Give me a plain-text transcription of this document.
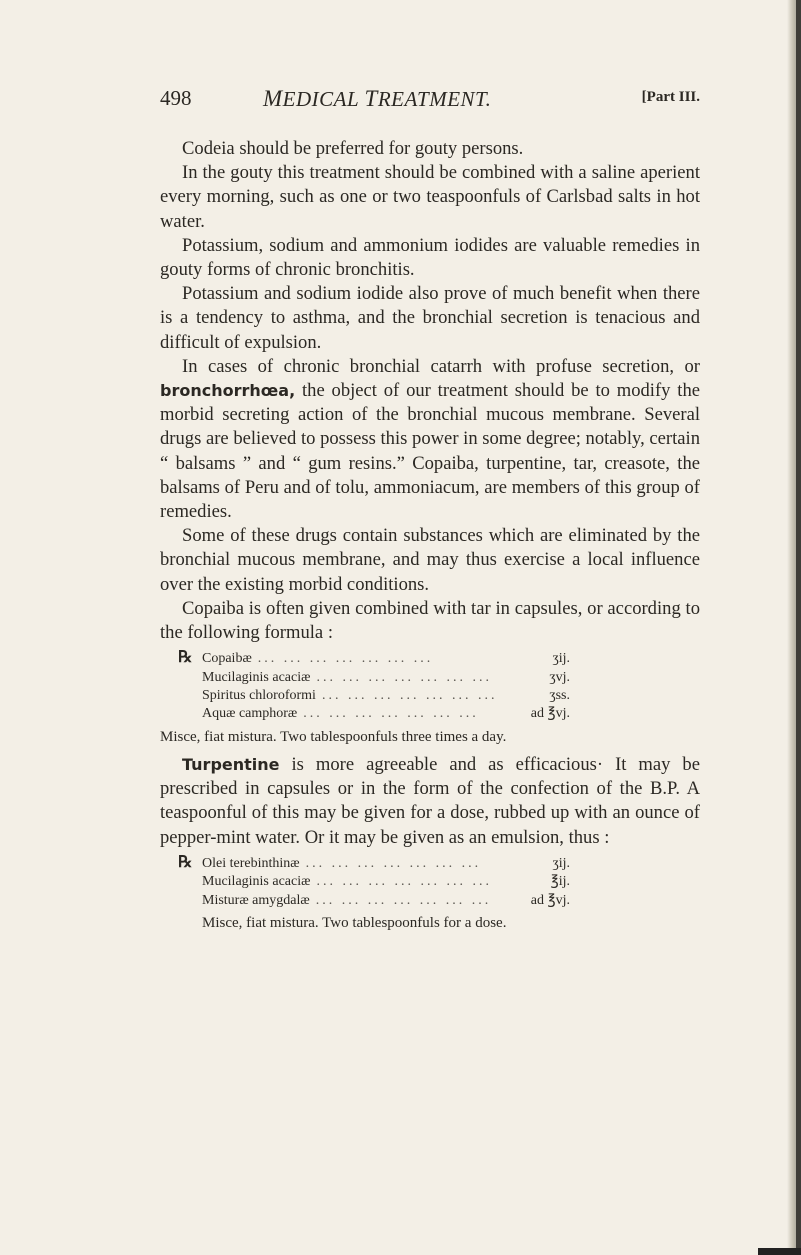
498	MEDICAL TREATMENT.	[Part III.

Codeia should be preferred for gouty persons.

In the gouty this treatment should be combined with a saline aperient every morning, such as one or two teaspoonfuls of Carlsbad salts in hot water.

Potassium, sodium and ammonium iodides are valuable remedies in gouty forms of chronic bronchitis.

Potassium and sodium iodide also prove of much benefit when there is a tendency to asthma, and the bronchial secretion is tenacious and difficult of expulsion.

In cases of chronic bronchial catarrh with profuse secretion, or bronchorrhœa, the object of our treatment should be to modify the morbid secreting action of the bronchial mucous membrane. Several drugs are believed to possess this power in some degree; notably, certain “ balsams ” and “ gum resins.” Copaiba, turpentine, tar, creasote, the balsams of Peru and of tolu, ammoniacum, are members of this group of remedies.

Some of these drugs contain substances which are eliminated by the bronchial mucous membrane, and may thus exercise a local influence over the existing morbid conditions.

Copaiba is often given combined with tar in capsules, or according to the following formula :

℞ Copaibæ ... ... ... ... ... ... ...	ʒij.
Mucilaginis acaciæ ... ... ... ... ... ... ...	ʒvj.
Spiritus chloroformi ... ... ... ... ... ... ...	ʒss.
Aquæ camphoræ ... ... ... ... ... ... ...	ad ℥vj.

Misce, fiat mistura. Two tablespoonfuls three times a day.

Turpentine is more agreeable and as efficacious· It may be prescribed in capsules or in the form of the confection of the B.P. A teaspoonful of this may be given for a dose, rubbed up with an ounce of pepper-mint water. Or it may be given as an emulsion, thus :

℞ Olei terebinthinæ ... ... ... ... ... ... ...	ʒij.
Mucilaginis acaciæ ... ... ... ... ... ... ...	℥ij.
Misturæ amygdalæ ... ... ... ... ... ... ...	ad ℥vj.

Misce, fiat mistura. Two tablespoonfuls for a dose.
